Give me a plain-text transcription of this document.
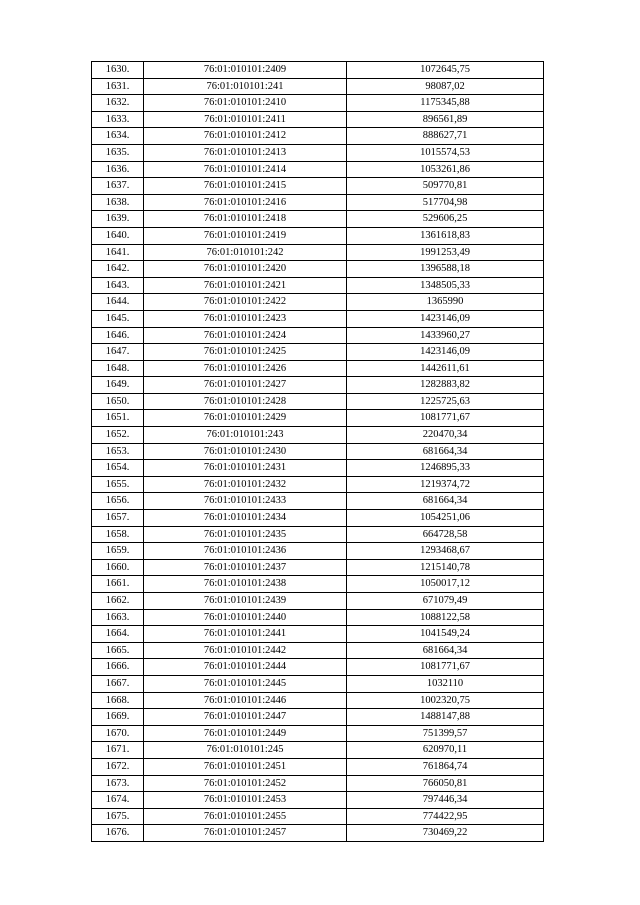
1630.	76:01:010101:2409	1072645,75
1631.	76:01:010101:241	98087,02
1632.	76:01:010101:2410	1175345,88
1633.	76:01:010101:2411	896561,89
1634.	76:01:010101:2412	888627,71
1635.	76:01:010101:2413	1015574,53
1636.	76:01:010101:2414	1053261,86
1637.	76:01:010101:2415	509770,81
1638.	76:01:010101:2416	517704,98
1639.	76:01:010101:2418	529606,25
1640.	76:01:010101:2419	1361618,83
1641.	76:01:010101:242	1991253,49
1642.	76:01:010101:2420	1396588,18
1643.	76:01:010101:2421	1348505,33
1644.	76:01:010101:2422	1365990
1645.	76:01:010101:2423	1423146,09
1646.	76:01:010101:2424	1433960,27
1647.	76:01:010101:2425	1423146,09
1648.	76:01:010101:2426	1442611,61
1649.	76:01:010101:2427	1282883,82
1650.	76:01:010101:2428	1225725,63
1651.	76:01:010101:2429	1081771,67
1652.	76:01:010101:243	220470,34
1653.	76:01:010101:2430	681664,34
1654.	76:01:010101:2431	1246895,33
1655.	76:01:010101:2432	1219374,72
1656.	76:01:010101:2433	681664,34
1657.	76:01:010101:2434	1054251,06
1658.	76:01:010101:2435	664728,58
1659.	76:01:010101:2436	1293468,67
1660.	76:01:010101:2437	1215140,78
1661.	76:01:010101:2438	1050017,12
1662.	76:01:010101:2439	671079,49
1663.	76:01:010101:2440	1088122,58
1664.	76:01:010101:2441	1041549,24
1665.	76:01:010101:2442	681664,34
1666.	76:01:010101:2444	1081771,67
1667.	76:01:010101:2445	1032110
1668.	76:01:010101:2446	1002320,75
1669.	76:01:010101:2447	1488147,88
1670.	76:01:010101:2449	751399,57
1671.	76:01:010101:245	620970,11
1672.	76:01:010101:2451	761864,74
1673.	76:01:010101:2452	766050,81
1674.	76:01:010101:2453	797446,34
1675.	76:01:010101:2455	774422,95
1676.	76:01:010101:2457	730469,22
